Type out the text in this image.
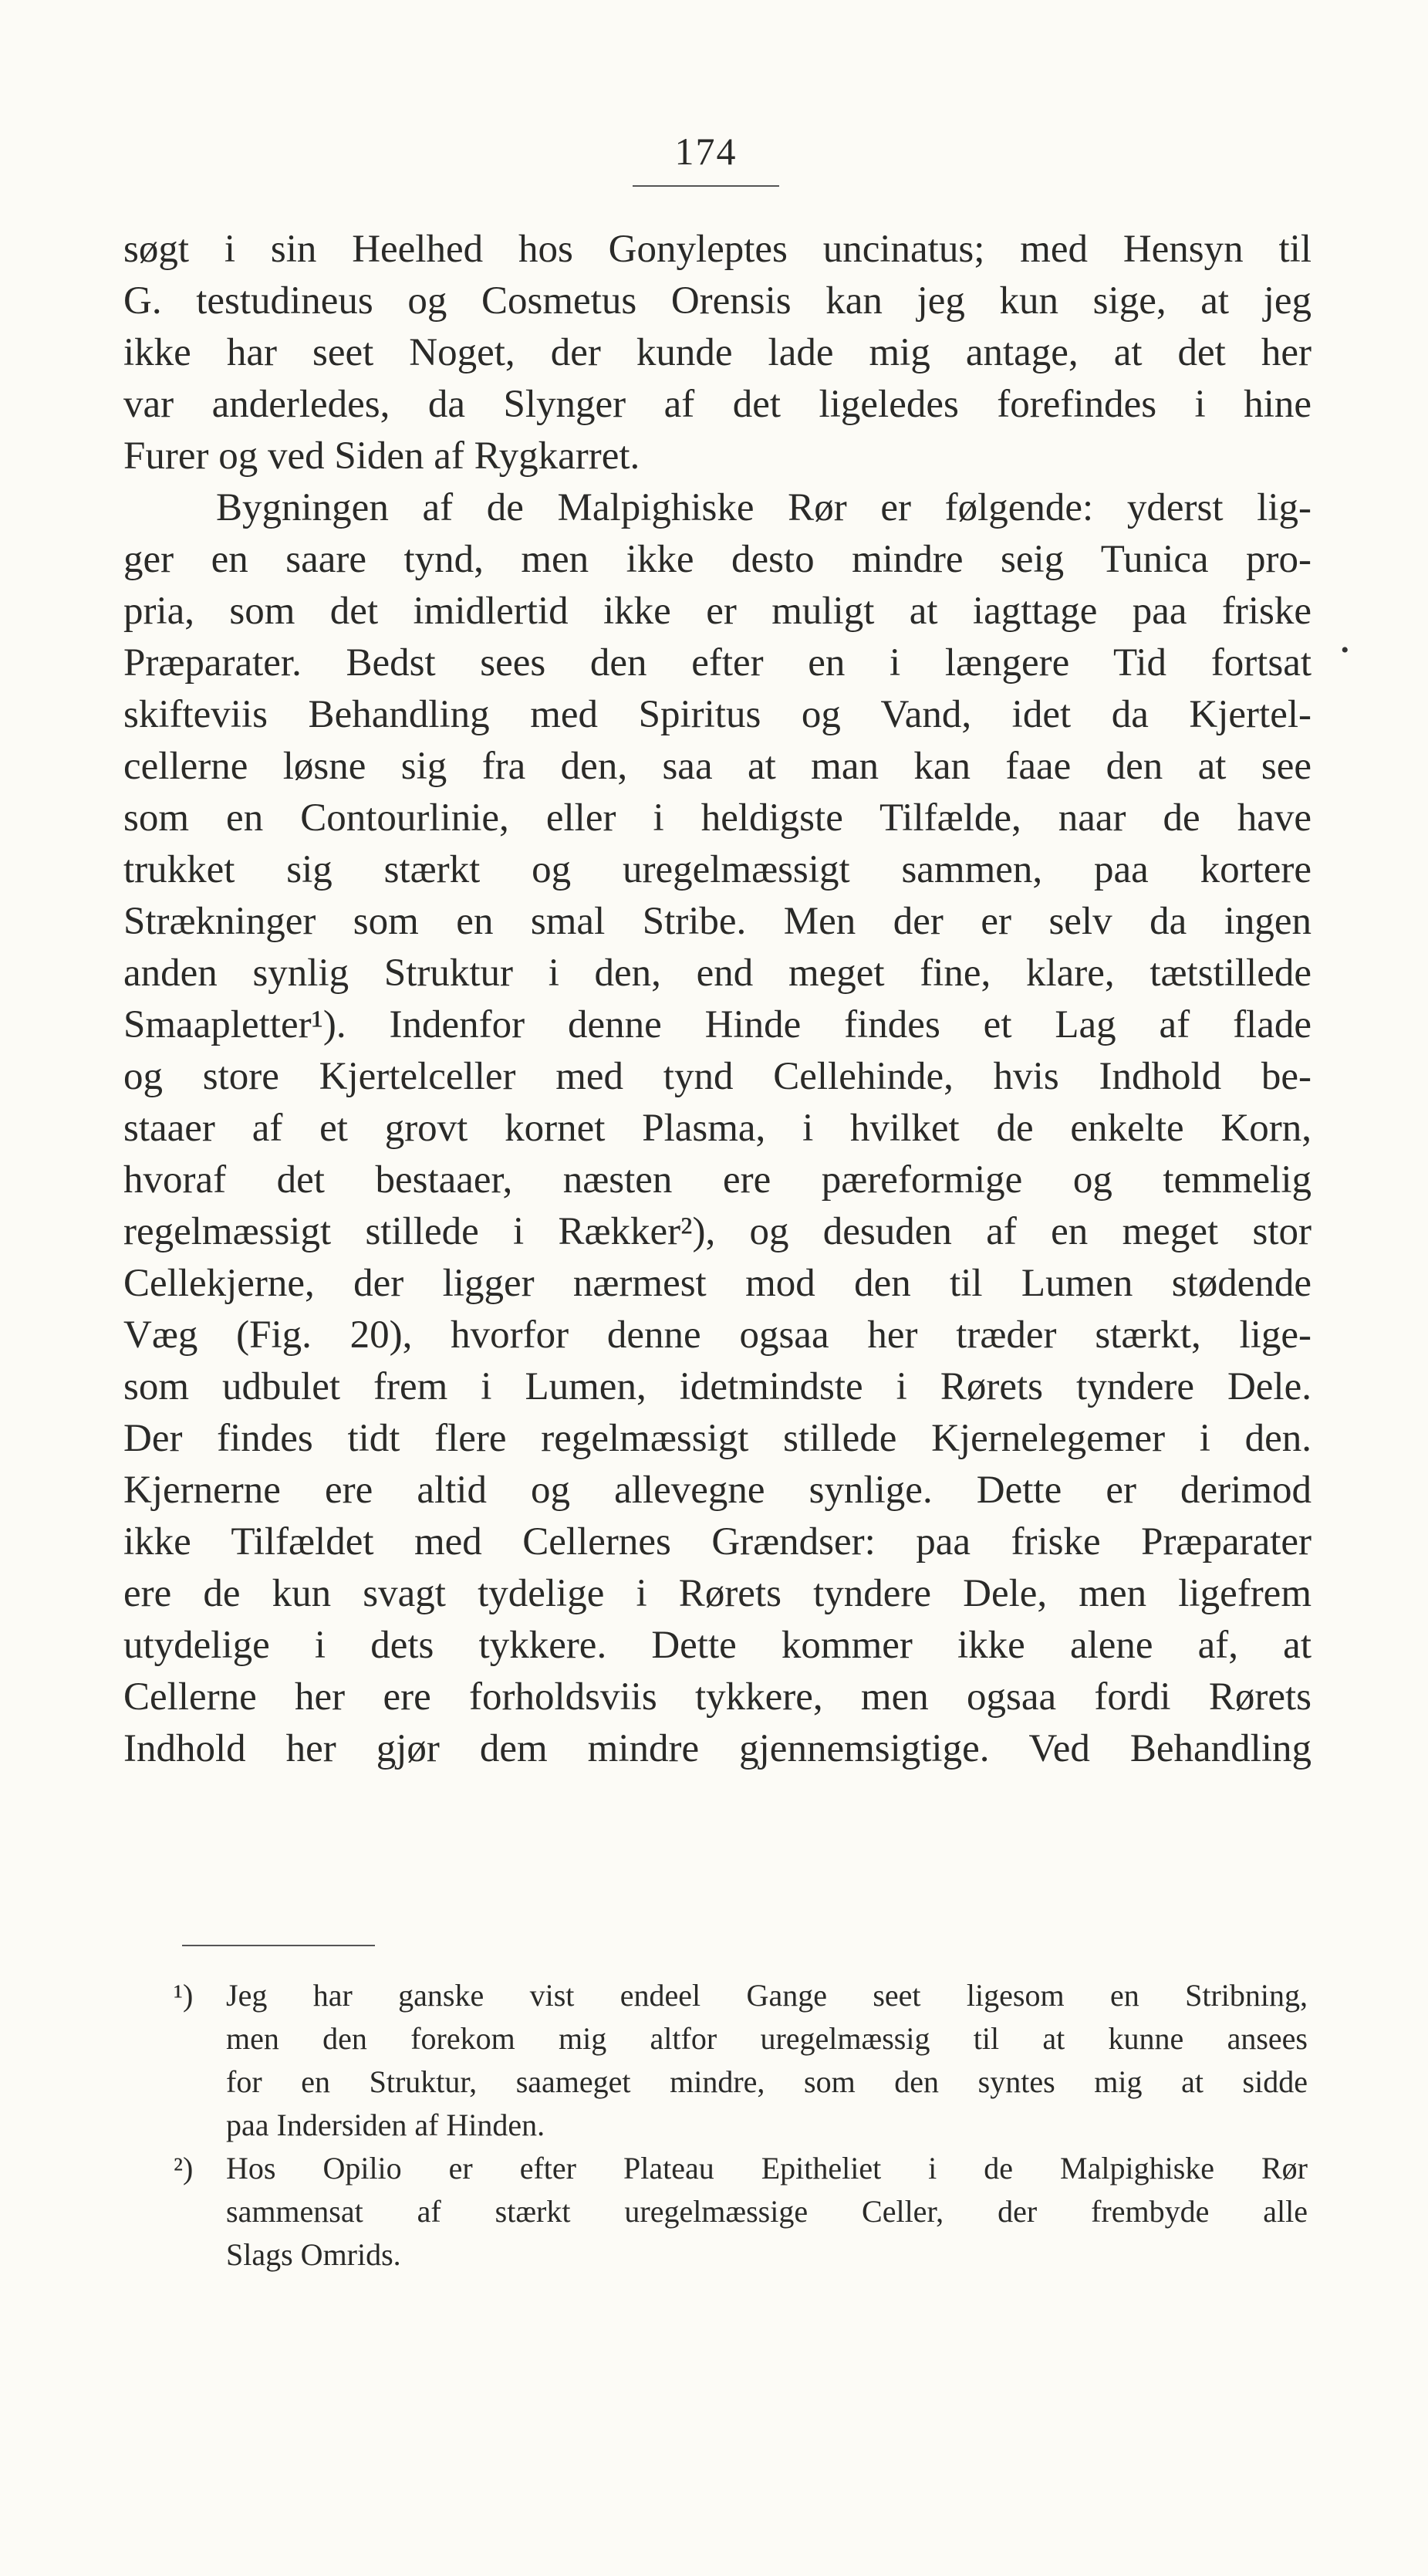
174
søgt i sin Heelhed hos Gonyleptes uncinatus; med Hensyn til
G. testudineus og Cosmetus Orensis kan jeg kun sige, at jeg
ikke har seet Noget, der kunde lade mig antage, at det her
var anderledes, da Slynger af det ligeledes forefindes i hine
Furer og ved Siden af Rygkarret.
Bygningen af de Malpighiske Rør er følgende: yderst lig-
ger en saare tynd, men ikke desto mindre seig Tunica pro-
pria, som det imidlertid ikke er muligt at iagttage paa friske
Præparater. Bedst sees den efter en i længere Tid fortsat
skifteviis Behandling med Spiritus og Vand, idet da Kjertel-
cellerne løsne sig fra den, saa at man kan faae den at see
som en Contourlinie, eller i heldigste Tilfælde, naar de have
trukket sig stærkt og uregelmæssigt sammen, paa kortere
Strækninger som en smal Stribe. Men der er selv da ingen
anden synlig Struktur i den, end meget fine, klare, tætstillede
Smaapletter¹). Indenfor denne Hinde findes et Lag af flade
og store Kjertelceller med tynd Cellehinde, hvis Indhold be-
staaer af et grovt kornet Plasma, i hvilket de enkelte Korn,
hvoraf det bestaaer, næsten ere pæreformige og temmelig
regelmæssigt stillede i Rækker²), og desuden af en meget stor
Cellekjerne, der ligger nærmest mod den til Lumen stødende
Væg (Fig. 20), hvorfor denne ogsaa her træder stærkt, lige-
som udbulet frem i Lumen, idetmindste i Rørets tyndere Dele.
Der findes tidt flere regelmæssigt stillede Kjernelegemer i den.
Kjernerne ere altid og allevegne synlige. Dette er derimod
ikke Tilfældet med Cellernes Grændser: paa friske Præparater
ere de kun svagt tydelige i Rørets tyndere Dele, men ligefrem
utydelige i dets tykkere. Dette kommer ikke alene af, at
Cellerne her ere forholdsviis tykkere, men ogsaa fordi Rørets
Indhold her gjør dem mindre gjennemsigtige. Ved Behandling
•
¹) Jeg har ganske vist endeel Gange seet ligesom en Stribning,
men den forekom mig altfor uregelmæssig til at kunne ansees
for en Struktur, saameget mindre, som den syntes mig at sidde
paa Indersiden af Hinden.
²) Hos Opilio er efter Plateau Epitheliet i de Malpighiske Rør
sammensat af stærkt uregelmæssige Celler, der frembyde alle
Slags Omrids.
